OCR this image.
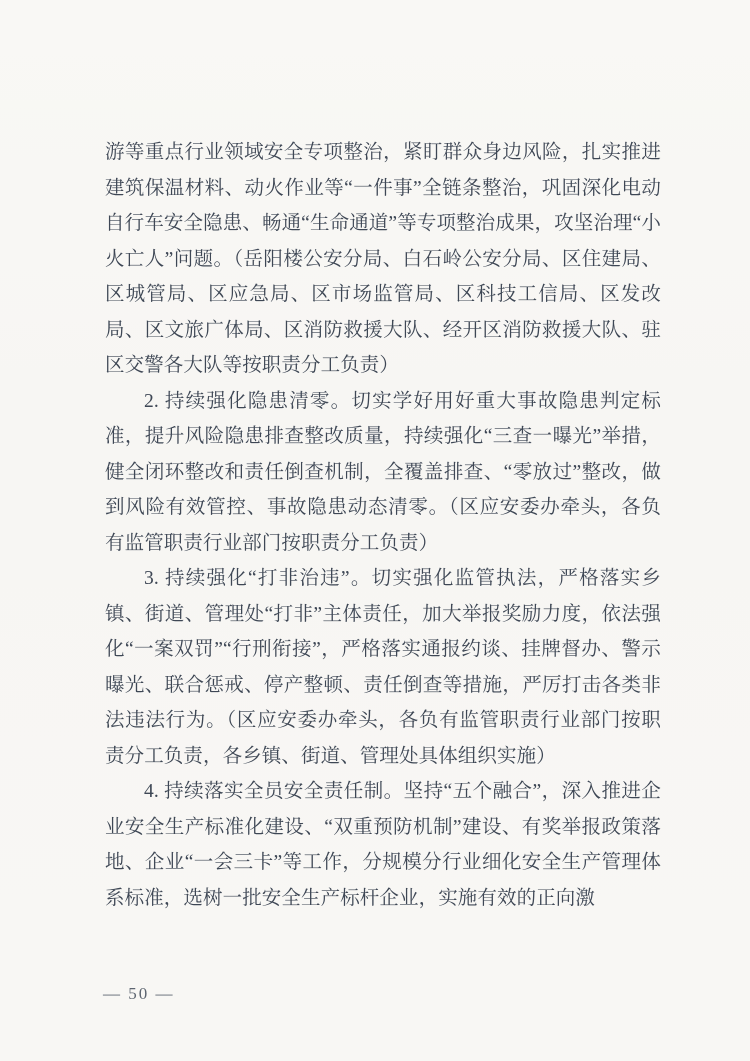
游等重点行业领域安全专项整治，紧盯群众身边风险，扎实推进建筑保温材料、动火作业等“一件事”全链条整治，巩固深化电动自行车安全隐患、畅通“生命通道”等专项整治成果，攻坚治理“小火亡人”问题。（岳阳楼公安分局、白石岭公安分局、区住建局、区城管局、区应急局、区市场监管局、区科技工信局、区发改局、区文旅广体局、区消防救援大队、经开区消防救援大队、驻区交警各大队等按职责分工负责）

2. 持续强化隐患清零。切实学好用好重大事故隐患判定标准，提升风险隐患排查整改质量，持续强化“三查一曝光”举措，健全闭环整改和责任倒查机制，全覆盖排查、“零放过”整改，做到风险有效管控、事故隐患动态清零。（区应安委办牵头，各负有监管职责行业部门按职责分工负责）

3. 持续强化“打非治违”。切实强化监管执法，严格落实乡镇、街道、管理处“打非”主体责任，加大举报奖励力度，依法强化“一案双罚”“行刑衔接”，严格落实通报约谈、挂牌督办、警示曝光、联合惩戒、停产整顿、责任倒查等措施，严厉打击各类非法违法行为。（区应安委办牵头，各负有监管职责行业部门按职责分工负责，各乡镇、街道、管理处具体组织实施）

4. 持续落实全员安全责任制。坚持“五个融合”，深入推进企业安全生产标准化建设、“双重预防机制”建设、有奖举报政策落地、企业“一会三卡”等工作，分规模分行业细化安全生产管理体系标准，选树一批安全生产标杆企业，实施有效的正向激

— 50 —
